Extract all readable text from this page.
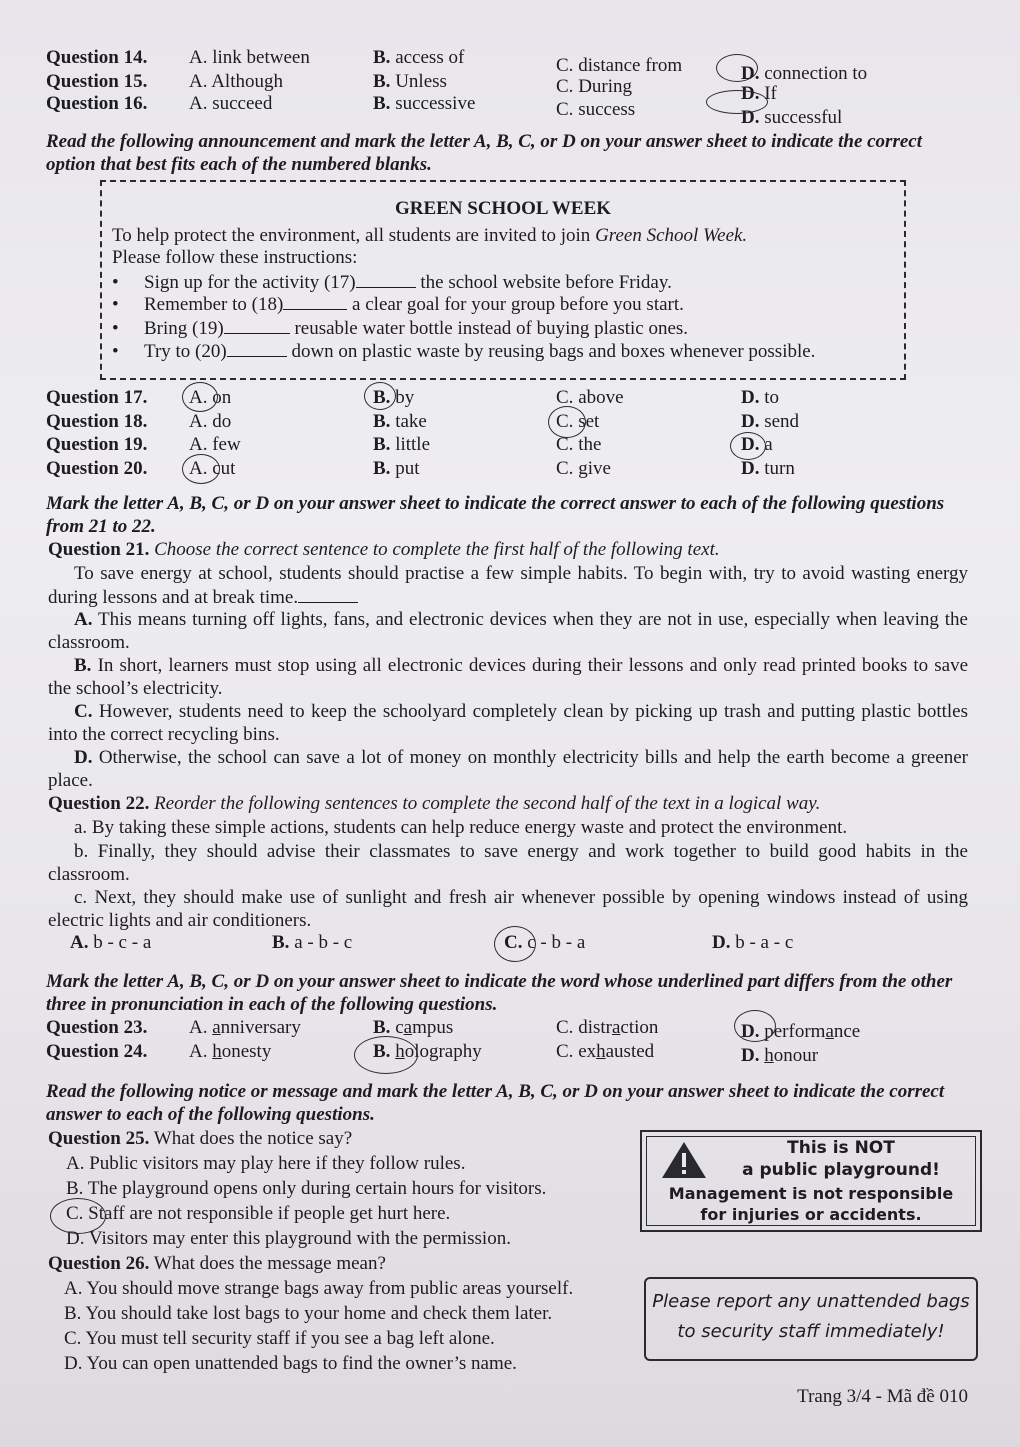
Question 14. A. link between	B. access of	C. distance from	D. connection to
Question 15. A. Although	B. Unless	C. During	D. If
Question 16. A. succeed	B. successive	C. success	D. successful
Read the following announcement and mark the letter A, B, C, or D on your answer sheet to indicate the correct option that best fits each of the numbered blanks.
GREEN SCHOOL WEEK
To help protect the environment, all students are invited to join Green School Week.
Please follow these instructions:
• Sign up for the activity (17)	the school website before Friday.
• Remember to (18)	a clear goal for your group before you start.
• Bring (19)	reusable water bottle instead of buying plastic ones.
• Try to (20)	down on plastic waste by reusing bags and boxes whenever possible.
Question 17. A. on	B. by	C. above	D. to
Question 18. A. do	B. take	C. set	D. send
Question 19. A. few	B. little	C. the	D. a
Question 20. A. cut	B. put	C. give	D. turn
Mark the letter A, B, C, or D on your answer sheet to indicate the correct answer to each of the following questions from 21 to 22.
Question 21. Choose the correct sentence to complete the first half of the following text.
To save energy at school, students should practise a few simple habits. To begin with, try to avoid wasting energy during lessons and at break time.
A. This means turning off lights, fans, and electronic devices when they are not in use, especially when leaving the classroom.
B. In short, learners must stop using all electronic devices during their lessons and only read printed books to save the school’s electricity.
C. However, students need to keep the schoolyard completely clean by picking up trash and putting plastic bottles into the correct recycling bins.
D. Otherwise, the school can save a lot of money on monthly electricity bills and help the earth become a greener place.
Question 22. Reorder the following sentences to complete the second half of the text in a logical way.
a. By taking these simple actions, students can help reduce energy waste and protect the environment.
b. Finally, they should advise their classmates to save energy and work together to build good habits in the classroom.
c. Next, they should make use of sunlight and fresh air whenever possible by opening windows instead of using electric lights and air conditioners.
A. b - c - a	B. a - b - c	C. c - b - a	D. b - a - c
Mark the letter A, B, C, or D on your answer sheet to indicate the word whose underlined part differs from the other three in pronunciation in each of the following questions.
Question 23. A. anniversary	B. campus	C. distraction	D. performance
Question 24. A. honesty	B. holography	C. exhausted	D. honour
Read the following notice or message and mark the letter A, B, C, or D on your answer sheet to indicate the correct answer to each of the following questions.
Question 25. What does the notice say?
A. Public visitors may play here if they follow rules.
B. The playground opens only during certain hours for visitors.
C. Staff are not responsible if people get hurt here.
D. Visitors may enter this playground with the permission.
This is NOT
a public playground!
Management is not responsible
for injuries or accidents.
Question 26. What does the message mean?
A. You should move strange bags away from public areas yourself.
B. You should take lost bags to your home and check them later.
C. You must tell security staff if you see a bag left alone.
D. You can open unattended bags to find the owner’s name.
Please report any unattended bags
to security staff immediately!
Trang 3/4 - Mã đề 010
